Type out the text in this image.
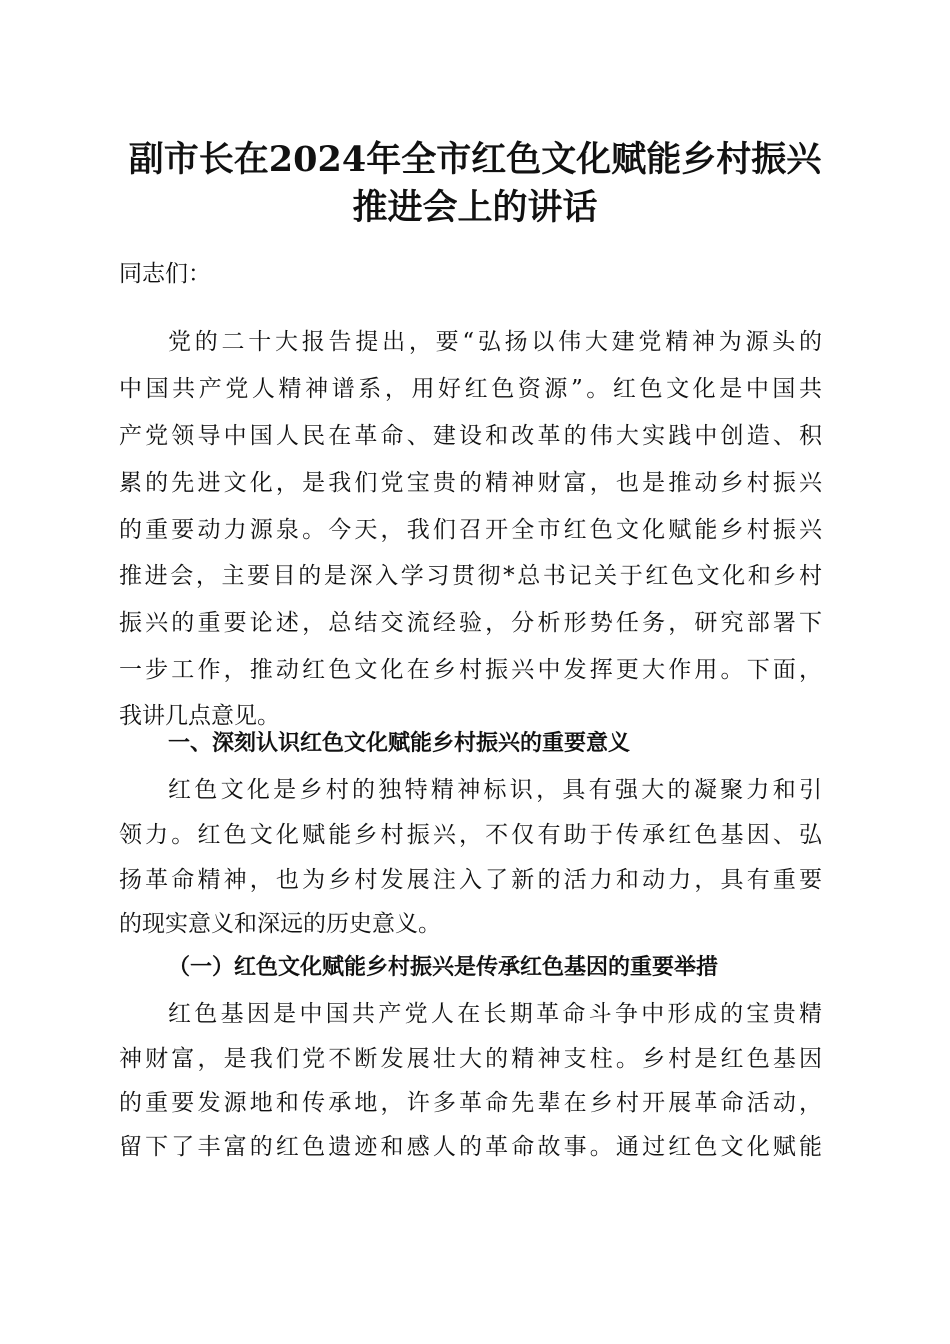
副市长在2024年全市红色文化赋能乡村振兴
推进会上的讲话
同志们：
党的二十大报告提出，要“弘扬以伟大建党精神为源头的
中国共产党人精神谱系，用好红色资源”。红色文化是中国共
产党领导中国人民在革命、建设和改革的伟大实践中创造、积
累的先进文化，是我们党宝贵的精神财富，也是推动乡村振兴
的重要动力源泉。今天，我们召开全市红色文化赋能乡村振兴
推进会，主要目的是深入学习贯彻*总书记关于红色文化和乡村
振兴的重要论述，总结交流经验，分析形势任务，研究部署下
一步工作，推动红色文化在乡村振兴中发挥更大作用。下面，
我讲几点意见。
一、深刻认识红色文化赋能乡村振兴的重要意义
红色文化是乡村的独特精神标识，具有强大的凝聚力和引
领力。红色文化赋能乡村振兴，不仅有助于传承红色基因、弘
扬革命精神，也为乡村发展注入了新的活力和动力，具有重要
的现实意义和深远的历史意义。
（一）红色文化赋能乡村振兴是传承红色基因的重要举措
红色基因是中国共产党人在长期革命斗争中形成的宝贵精
神财富，是我们党不断发展壮大的精神支柱。乡村是红色基因
的重要发源地和传承地，许多革命先辈在乡村开展革命活动，
留下了丰富的红色遗迹和感人的革命故事。通过红色文化赋能
